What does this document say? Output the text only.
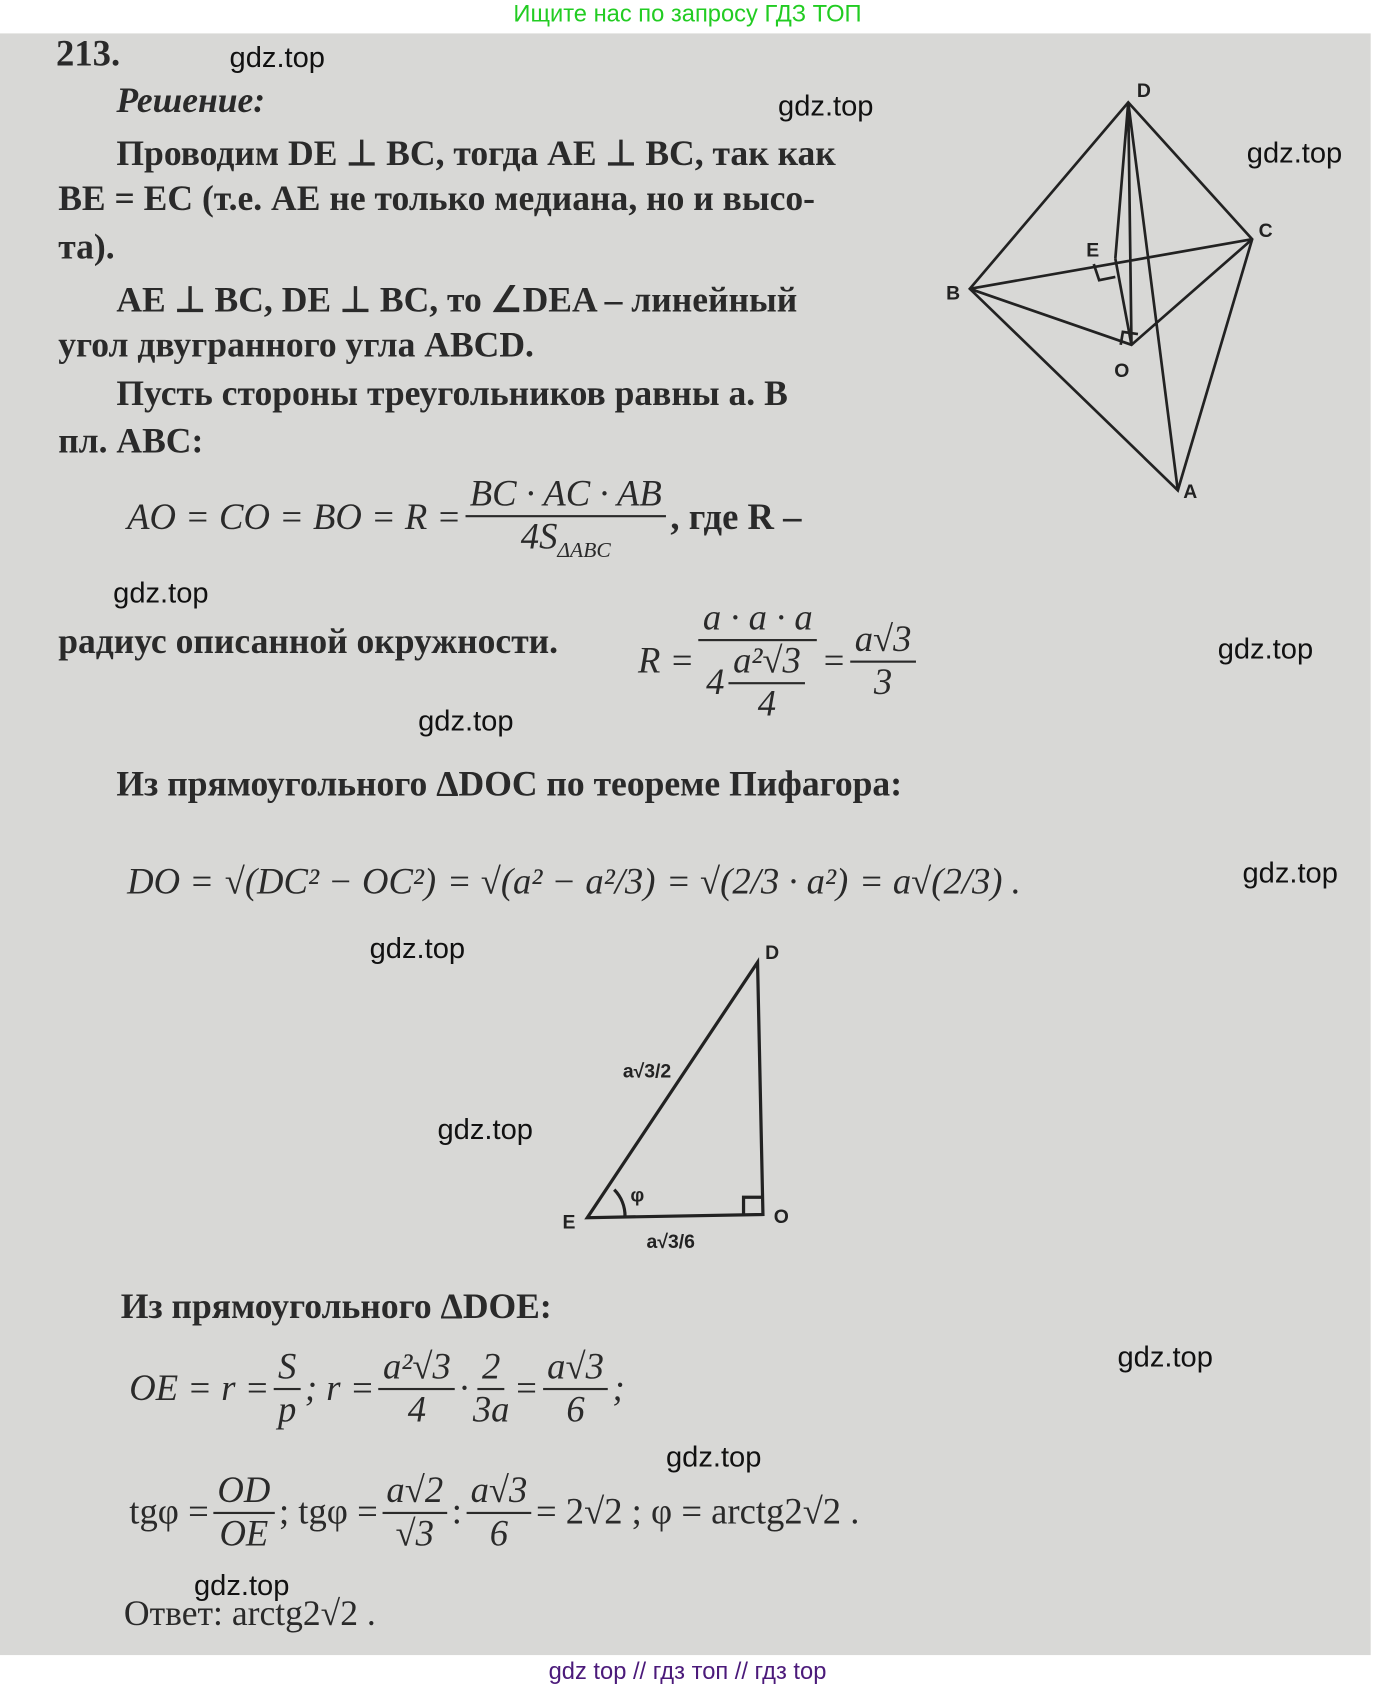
Ищите нас по запросу ГДЗ ТОП
213.
Решение:
Проводим DE ⊥ BC, тогда AE ⊥ BC, так как
BE = EC (т.е. AE не только медиана, но и высо-
та).
AE ⊥ BC, DE ⊥ BC, то ∠DEA – линейный
угол двугранного угла ABCD.
Пусть стороны треугольников равны a. В
пл. ABC:
AO = CO = BO = R =
BC · AC · AB
$4S_{\Delta ABC}$
, где R –
радиус описанной окружности. $R = \frac{a \cdot a \cdot a}{4 \frac{\text{a²√3}}{4}} = \frac{a√3}{3}$
Из прямоугольного ΔDOC по теореме Пифагора:
DO = √(DC² − OC²) = √(a² − a²/3) = √(2/3 · a²) = a√(2/3) .
Из прямоугольного ΔDOE:
OE = $r = \frac{S}{p}$ ; $r = \frac{\text{a²√3}}{4} \cdot \frac{2}{3a} = \frac{a√3}{6}$ ;
$tg\varphi = \frac{OD}{OE}$ ; $tg\varphi = \frac{a√2}{√3}$ : $\frac{a√3}{6} = 2√2$ ; φ = arctg2√2 .
Ответ: arctg2√2 .
D
C
B
E
O
A
D
E	O
φ
a√3/2
a√3/6
gdz.top
gdz.top
gdz.top
gdz.top
gdz.top
gdz.top
gdz.top
gdz.top
gdz.top
gdz.top
gdz.top
gdz.top
gdz top // гдз топ // гдз top
